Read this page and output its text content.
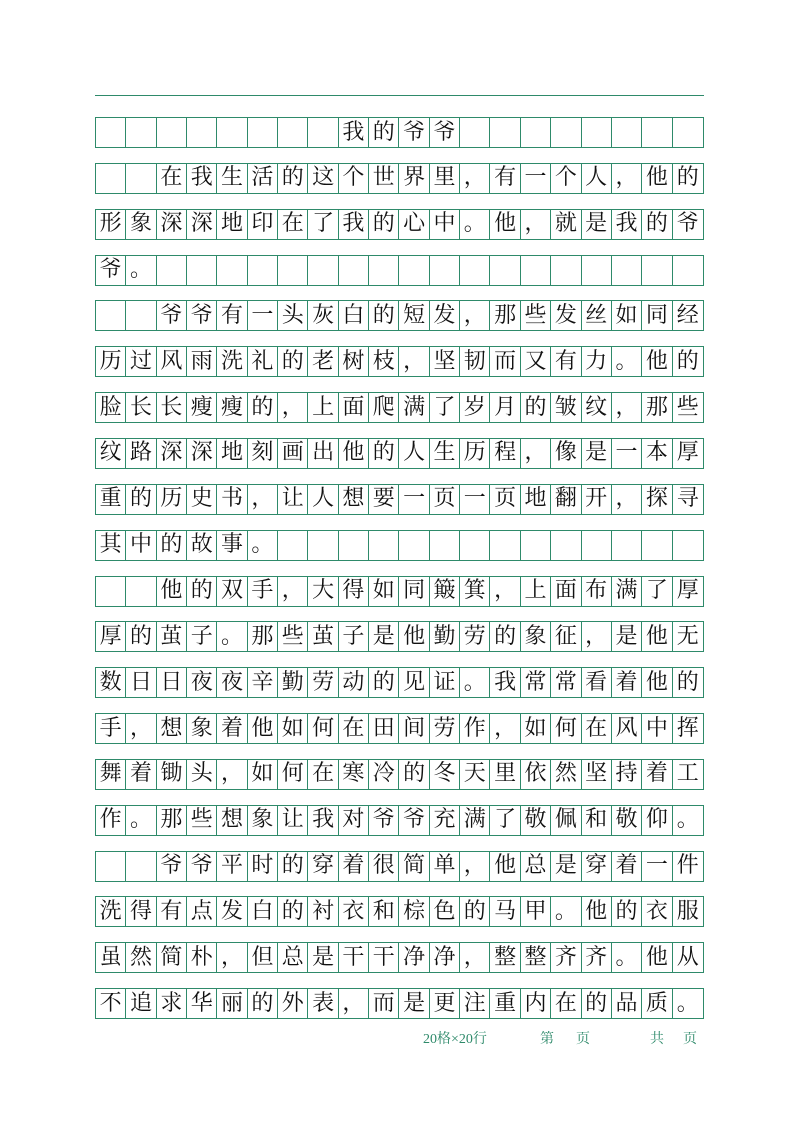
我 的 爷 爷
在 我 生 活 的 这 个 世 界 里 ， 有 一 个 人 ， 他 的
形 象 深 深 地 印 在 了 我 的 心 中 。 他 ， 就 是 我 的 爷
爷 。
爷 爷 有 一 头 灰 白 的 短 发 ， 那 些 发 丝 如 同 经
历 过 风 雨 洗 礼 的 老 树 枝 ， 坚 韧 而 又 有 力 。 他 的
脸 长 长 瘦 瘦 的 ， 上 面 爬 满 了 岁 月 的 皱 纹 ， 那 些
纹 路 深 深 地 刻 画 出 他 的 人 生 历 程 ， 像 是 一 本 厚
重 的 历 史 书 ， 让 人 想 要 一 页 一 页 地 翻 开 ， 探 寻
其 中 的 故 事 。
他 的 双 手 ， 大 得 如 同 簸 箕 ， 上 面 布 满 了 厚
厚 的 茧 子 。 那 些 茧 子 是 他 勤 劳 的 象 征 ， 是 他 无
数 日 日 夜 夜 辛 勤 劳 动 的 见 证 。 我 常 常 看 着 他 的
手 ， 想 象 着 他 如 何 在 田 间 劳 作 ， 如 何 在 风 中 挥
舞 着 锄 头 ， 如 何 在 寒 冷 的 冬 天 里 依 然 坚 持 着 工
作 。 那 些 想 象 让 我 对 爷 爷 充 满 了 敬 佩 和 敬 仰 。
爷 爷 平 时 的 穿 着 很 简 单 ， 他 总 是 穿 着 一 件
洗 得 有 点 发 白 的 衬 衣 和 棕 色 的 马 甲 。 他 的 衣 服
虽 然 简 朴 ， 但 总 是 干 干 净 净 ， 整 整 齐 齐 。 他 从
不 追 求 华 丽 的 外 表 ， 而 是 更 注 重 内 在 的 品 质 。
20格×20行	第 页	共 页
